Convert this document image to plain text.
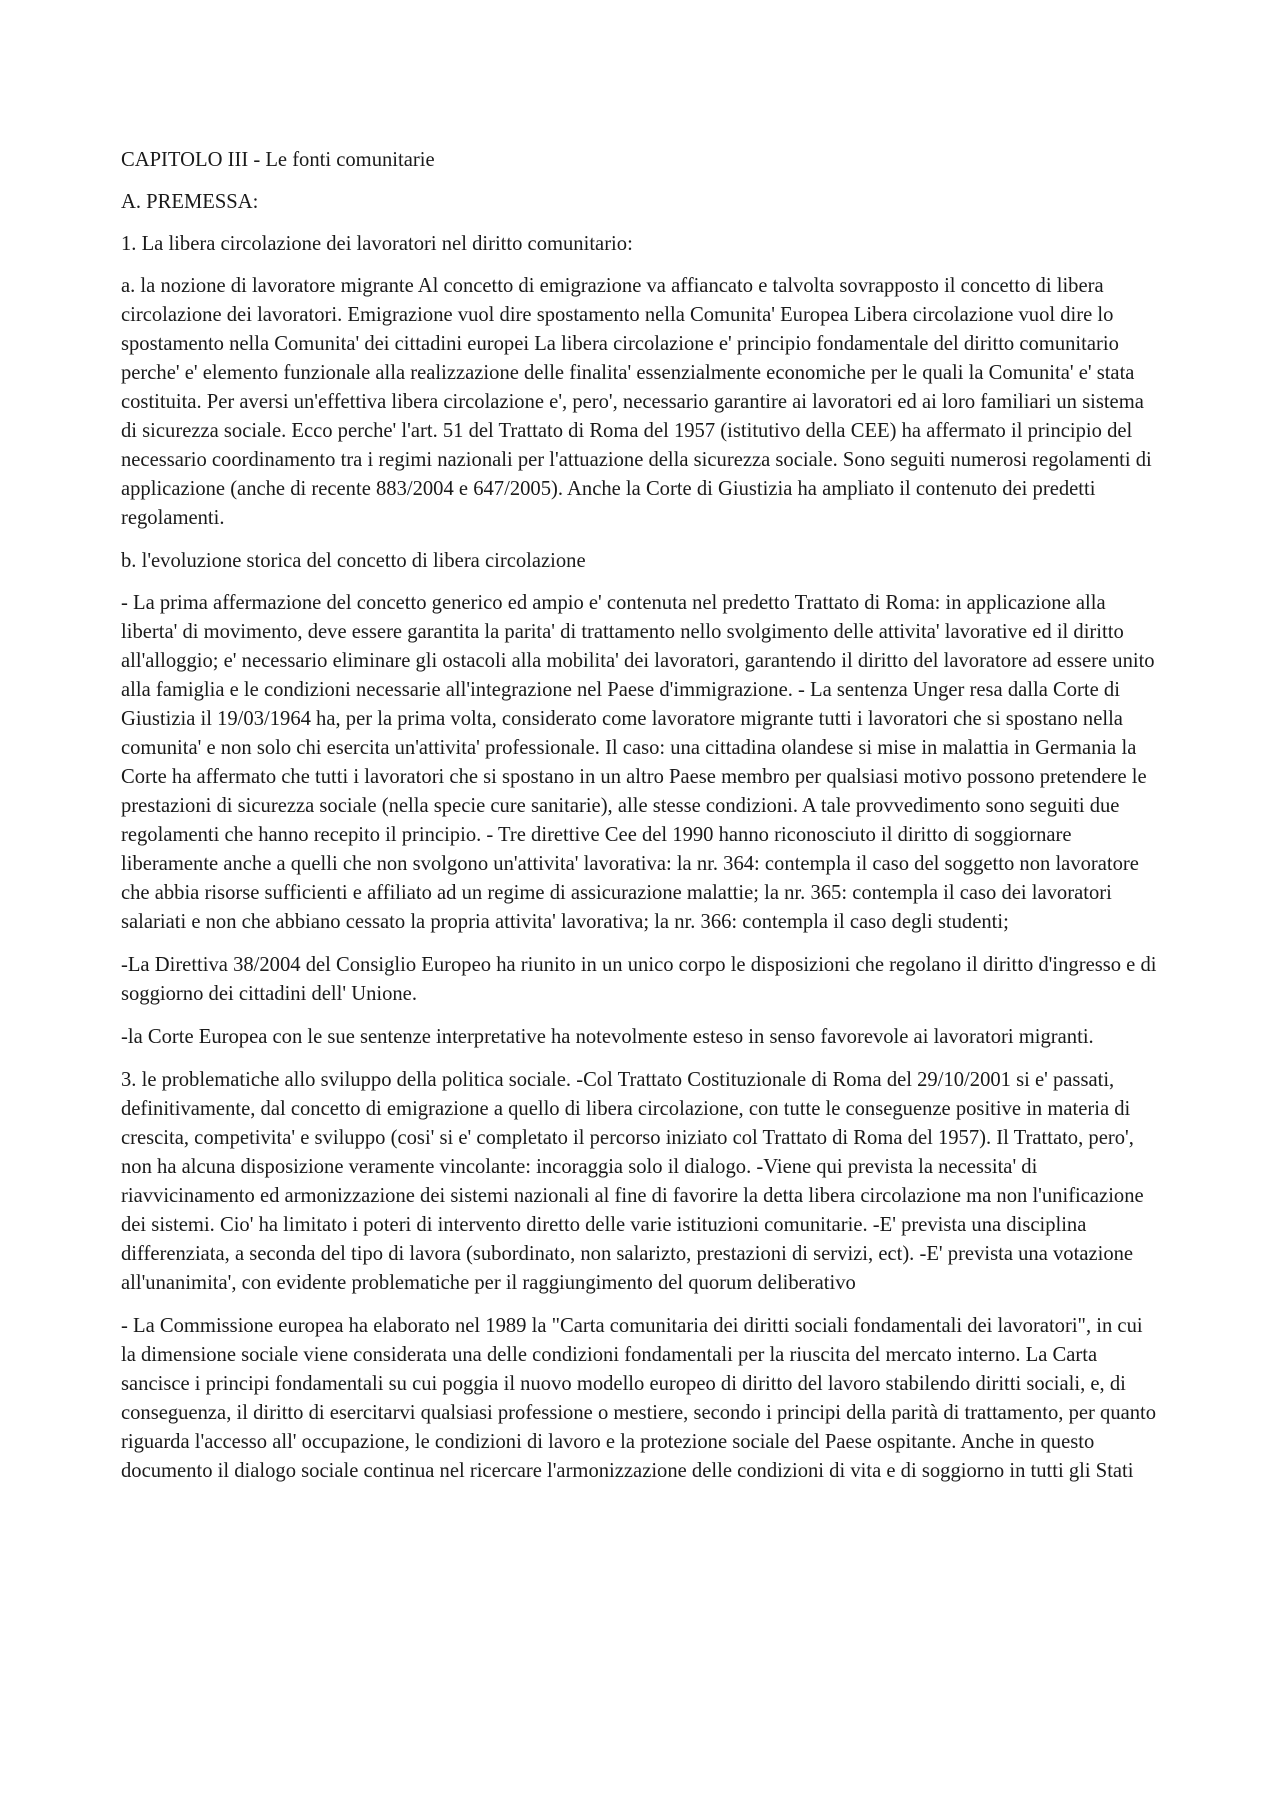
CAPITOLO III - Le fonti comunitarie

A. PREMESSA:

1. La libera circolazione dei lavoratori nel diritto comunitario:

a. la nozione di lavoratore migrante Al concetto di emigrazione va affiancato e talvolta sovrapposto il concetto di libera circolazione dei lavoratori. Emigrazione vuol dire spostamento nella Comunita' Europea Libera circolazione vuol dire lo spostamento nella Comunita' dei cittadini europei La libera circolazione e' principio fondamentale del diritto comunitario perche' e' elemento funzionale alla realizzazione delle finalita' essenzialmente economiche per le quali la Comunita' e' stata costituita. Per aversi un'effettiva libera circolazione e', pero', necessario garantire ai lavoratori ed ai loro familiari un sistema di sicurezza sociale. Ecco perche' l'art. 51 del Trattato di Roma del 1957 (istitutivo della CEE) ha affermato il principio del necessario coordinamento tra i regimi nazionali per l'attuazione della sicurezza sociale. Sono seguiti numerosi regolamenti di applicazione (anche di recente 883/2004 e 647/2005). Anche la Corte di Giustizia ha ampliato il contenuto dei predetti regolamenti.

b. l'evoluzione storica del concetto di libera circolazione

- La prima affermazione del concetto generico ed ampio e' contenuta nel predetto Trattato di Roma: in applicazione alla liberta' di movimento, deve essere garantita la parita' di trattamento nello svolgimento delle attivita' lavorative ed il diritto all'alloggio; e' necessario eliminare gli ostacoli alla mobilita' dei lavoratori, garantendo il diritto del lavoratore ad essere unito alla famiglia e le condizioni necessarie all'integrazione nel Paese d'immigrazione. - La sentenza Unger resa dalla Corte di Giustizia il 19/03/1964 ha, per la prima volta, considerato come lavoratore migrante tutti i lavoratori che si spostano nella comunita' e non solo chi esercita un'attivita' professionale. Il caso: una cittadina olandese si mise in malattia in Germania la Corte ha affermato che tutti i lavoratori che si spostano in un altro Paese membro per qualsiasi motivo possono pretendere le prestazioni di sicurezza sociale (nella specie cure sanitarie), alle stesse condizioni. A tale provvedimento sono seguiti due regolamenti che hanno recepito il principio. - Tre direttive Cee del 1990 hanno riconosciuto il diritto di soggiornare liberamente anche a quelli che non svolgono un'attivita' lavorativa: la nr. 364: contempla il caso del soggetto non lavoratore che abbia risorse sufficienti e affiliato ad un regime di assicurazione malattie; la nr. 365: contempla il caso dei lavoratori salariati e non che abbiano cessato la propria attivita' lavorativa; la nr. 366: contempla il caso degli studenti;

-La Direttiva 38/2004 del Consiglio Europeo ha riunito in un unico corpo le disposizioni che regolano il diritto d'ingresso e di soggiorno dei cittadini dell' Unione.

-la Corte Europea con le sue sentenze interpretative ha notevolmente esteso in senso favorevole ai lavoratori migranti.

3. le problematiche allo sviluppo della politica sociale. -Col Trattato Costituzionale di Roma del 29/10/2001 si e' passati, definitivamente, dal concetto di emigrazione a quello di libera circolazione, con tutte le conseguenze positive in materia di crescita, competivita' e sviluppo (cosi' si e' completato il percorso iniziato col Trattato di Roma del 1957). Il Trattato, pero', non ha alcuna disposizione veramente vincolante: incoraggia solo il dialogo. -Viene qui prevista la necessita' di riavvicinamento ed armonizzazione dei sistemi nazionali al fine di favorire la detta libera circolazione ma non l'unificazione dei sistemi. Cio' ha limitato i poteri di intervento diretto delle varie istituzioni comunitarie. -E' prevista una disciplina differenziata, a seconda del tipo di lavora (subordinato, non salarizto, prestazioni di servizi, ect). -E' prevista una votazione all'unanimita', con evidente problematiche per il raggiungimento del quorum deliberativo

- La Commissione europea ha elaborato nel 1989 la "Carta comunitaria dei diritti sociali fondamentali dei lavoratori", in cui la dimensione sociale viene considerata una delle condizioni fondamentali per la riuscita del mercato interno. La Carta sancisce i principi fondamentali su cui poggia il nuovo modello europeo di diritto del lavoro stabilendo diritti sociali, e, di conseguenza, il diritto di esercitarvi qualsiasi professione o mestiere, secondo i principi della parità di trattamento, per quanto riguarda l'accesso all' occupazione, le condizioni di lavoro e la protezione sociale del Paese ospitante. Anche in questo documento il dialogo sociale continua nel ricercare l'armonizzazione delle condizioni di vita e di soggiorno in tutti gli Stati
